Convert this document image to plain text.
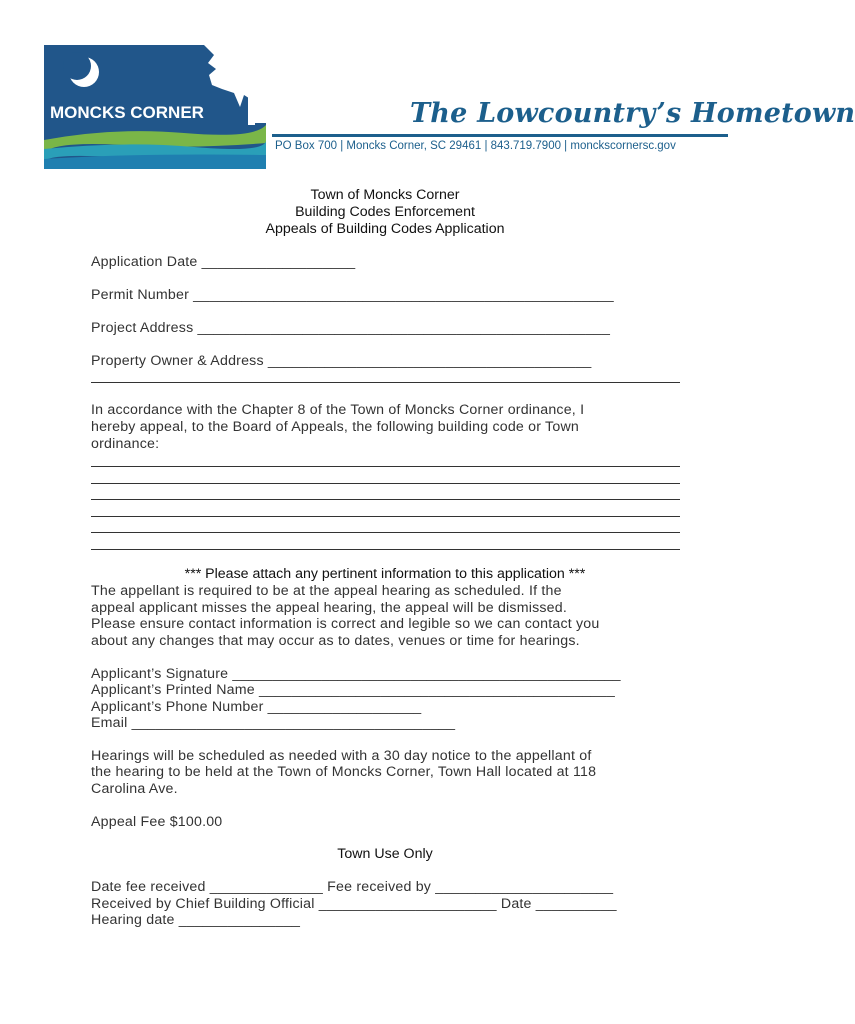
MONCKS CORNER	The Lowcountry’s Hometown
PO Box 700 | Moncks Corner, SC 29461 | 843.719.7900 | monckscornersc.gov
Town of Moncks Corner
Building Codes Enforcement
Appeals of Building Codes Application
Application Date ___________________
Permit Number ____________________________________________________
Project Address ___________________________________________________
Property Owner & Address ________________________________________
In accordance with the Chapter 8 of the Town of Moncks Corner ordinance, I
hereby appeal, to the Board of Appeals, the following building code or Town
ordinance:
*** Please attach any pertinent information to this application ***
The appellant is required to be at the appeal hearing as scheduled. If the
appeal applicant misses the appeal hearing, the appeal will be dismissed.
Please ensure contact information is correct and legible so we can contact you
about any changes that may occur as to dates, venues or time for hearings.
Applicant’s Signature ________________________________________________
Applicant’s Printed Name ____________________________________________
Applicant’s Phone Number ___________________
Email ________________________________________
Hearings will be scheduled as needed with a 30 day notice to the appellant of
the hearing to be held at the Town of Moncks Corner, Town Hall located at 118
Carolina Ave.
Appeal Fee $100.00
Town Use Only
Date fee received ______________ Fee received by ______________________
Received by Chief Building Official ______________________ Date __________
Hearing date _______________
